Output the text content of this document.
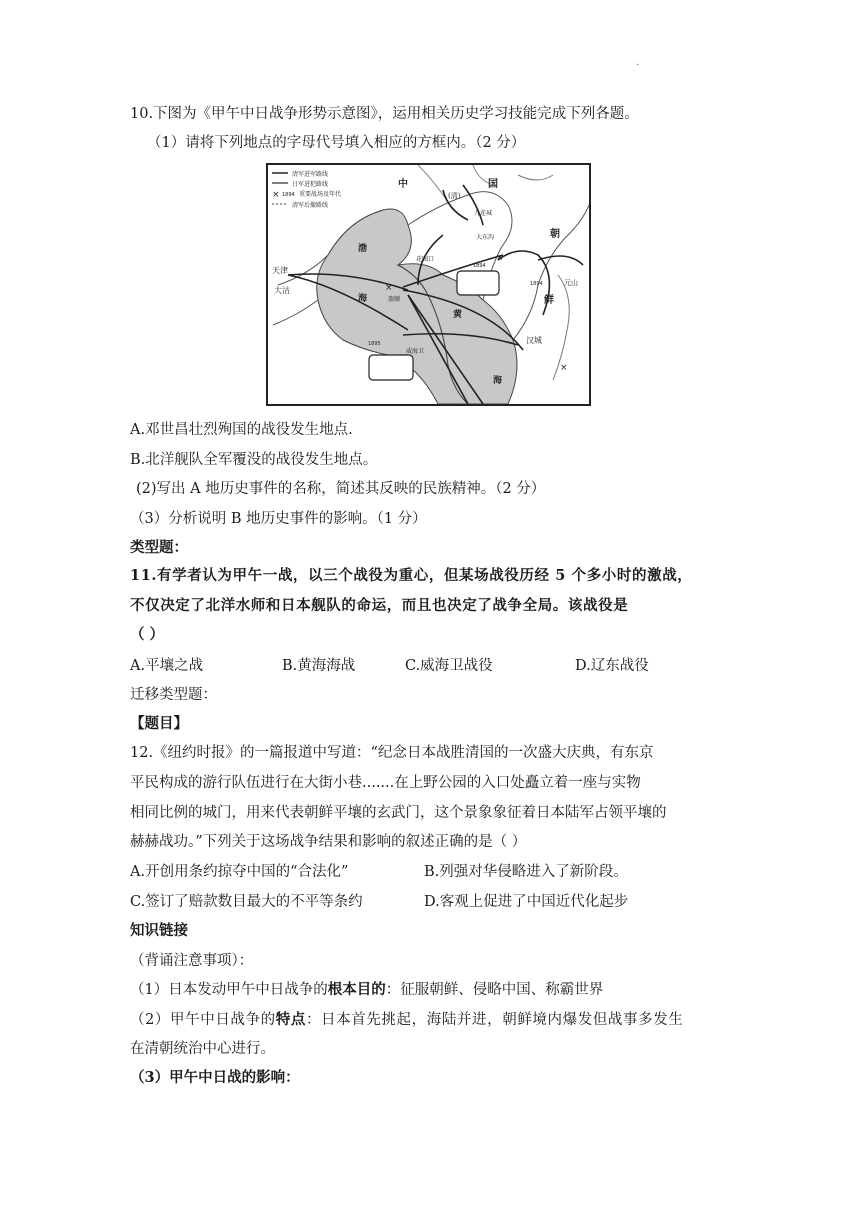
·
10.下图为《甲午中日战争形势示意图》，运用相关历史学习技能完成下列各题。
（1）请将下列地点的字母代号填入相应的方框内。（2 分）
×
清军进军路线
日军进犯路线
1894 重要战场及年代
清军后撤路线
中	国
(清)
朝
鲜
天津
大沽
渤
海
黄
海
旅顺
汉城
元山
花园口
九连城
大东沟
威海卫
1894
1894
1895
×
×
×
A.邓世昌壮烈殉国的战役发生地点.
B.北洋舰队全军覆没的战役发生地点。
(2)写出 A 地历史事件的名称，简述其反映的民族精神。（2 分）
（3）分析说明 B 地历史事件的影响。（1 分）
类型题：
11.有学者认为甲午一战，以三个战役为重心，但某场战役历经 5 个多小时的激战，
不仅决定了北洋水师和日本舰队的命运，而且也决定了战争全局。该战役是
（ ）
A.平壤之战	B.黄海海战	C.威海卫战役	D.辽东战役
迁移类型题：
【题目】
12.《纽约时报》的一篇报道中写道：“纪念日本战胜清国的一次盛大庆典，有东京
平民构成的游行队伍进行在大街小巷.......在上野公园的入口处矗立着一座与实物
相同比例的城门，用来代表朝鲜平壤的玄武门，这个景象象征着日本陆军占领平壤的
赫赫战功。”下列关于这场战争结果和影响的叙述正确的是（ ）
A.开创用条约掠夺中国的“合法化”	B.列强对华侵略进入了新阶段。
C.签订了赔款数目最大的不平等条约	D.客观上促进了中国近代化起步
知识链接
（背诵注意事项）：
（1）日本发动甲午中日战争的根本目的：征服朝鲜、侵略中国、称霸世界
（2）甲午中日战争的特点：日本首先挑起，海陆并进，朝鲜境内爆发但战事多发生
在清朝统治中心进行。
（3）甲午中日战的影响：
